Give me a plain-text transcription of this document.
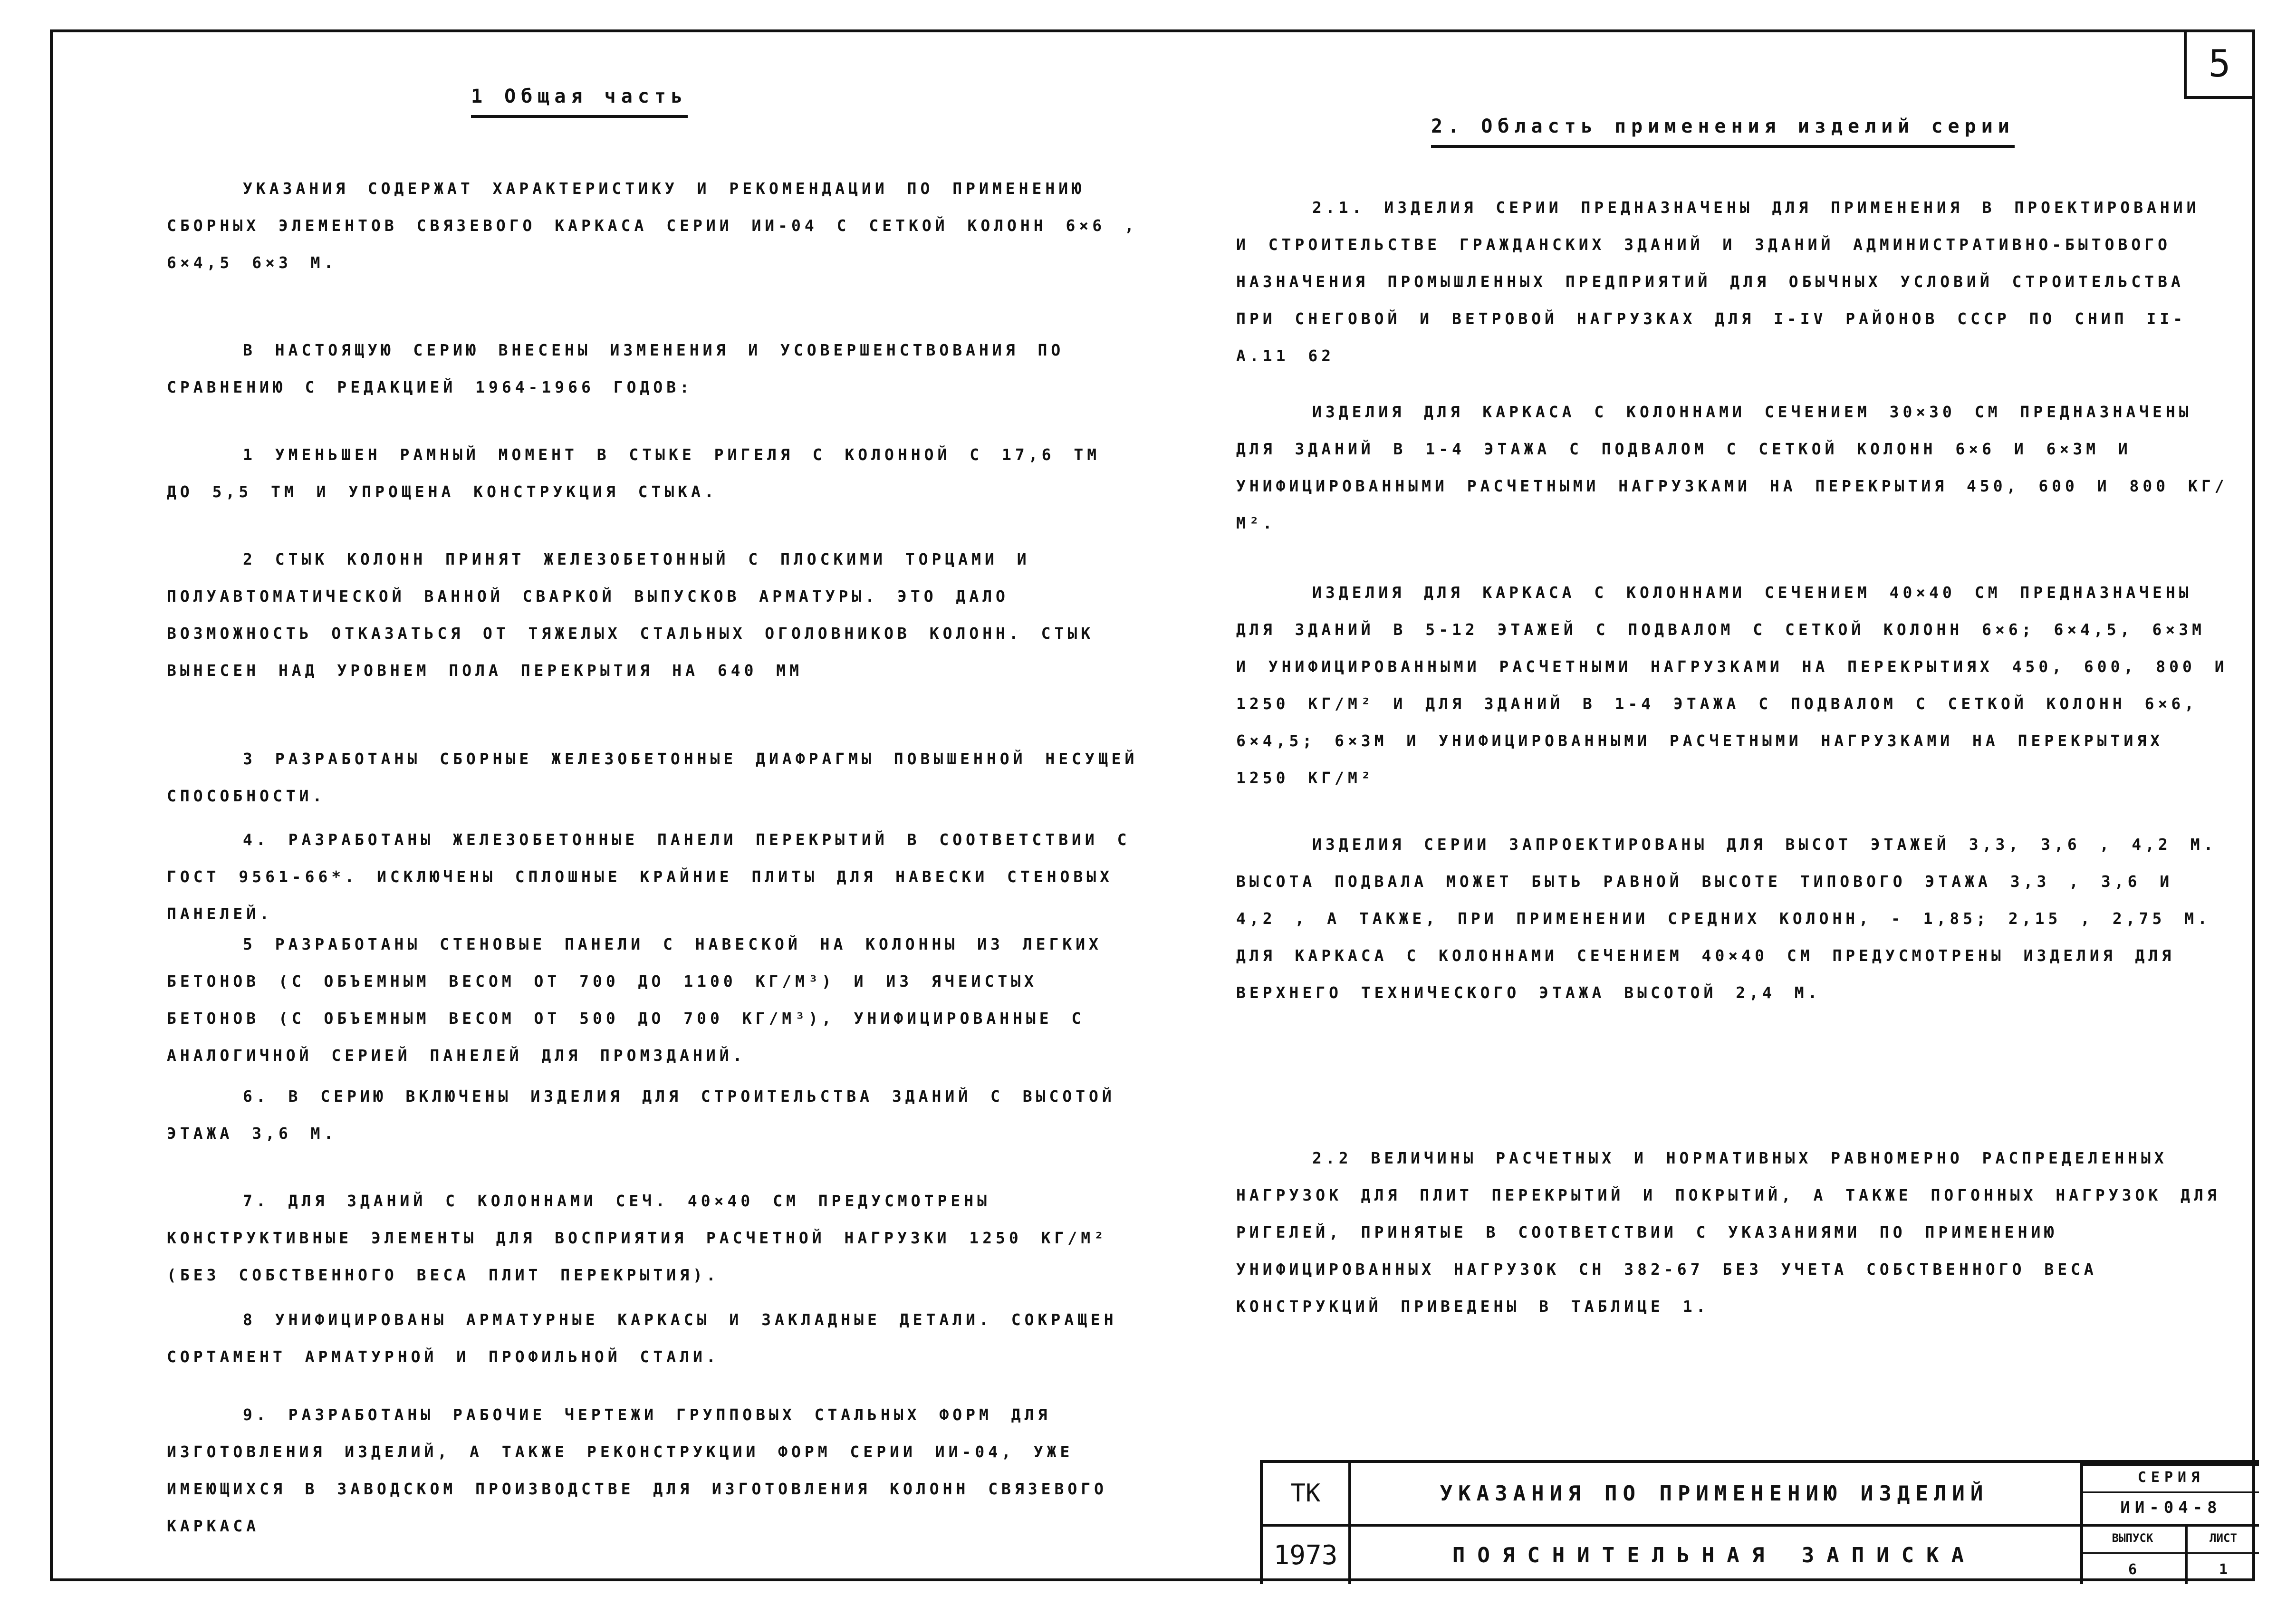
5
1 Общая часть
УКАЗАНИЯ СОДЕРЖАТ ХАРАКТЕРИСТИКУ И РЕКОМЕНДАЦИИ ПО ПРИМЕНЕНИЮ СБОРНЫХ ЭЛЕМЕНТОВ СВЯЗЕВОГО КАРКАСА СЕРИИ ИИ-04 С СЕТКОЙ КОЛОНН 6×6 , 6×4,5 6×3 М.
В НАСТОЯЩУЮ СЕРИЮ ВНЕСЕНЫ ИЗМЕНЕНИЯ И УСОВЕРШЕНСТВОВАНИЯ ПО СРАВНЕНИЮ С РЕДАКЦИЕЙ 1964-1966 ГОДОВ:
1 УМЕНЬШЕН РАМНЫЙ МОМЕНТ В СТЫКЕ РИГЕЛЯ С КОЛОННОЙ С 17,6 ТМ ДО 5,5 ТМ И УПРОЩЕНА КОНСТРУКЦИЯ СТЫКА.
2 СТЫК КОЛОНН ПРИНЯТ ЖЕЛЕЗОБЕТОННЫЙ С ПЛОСКИМИ ТОРЦАМИ И ПОЛУАВТОМАТИЧЕСКОЙ ВАННОЙ СВАРКОЙ ВЫПУСКОВ АРМАТУРЫ. ЭТО ДАЛО ВОЗМОЖНОСТЬ ОТКАЗАТЬСЯ ОТ ТЯЖЕЛЫХ СТАЛЬНЫХ ОГОЛОВНИКОВ КОЛОНН. СТЫК ВЫНЕСЕН НАД УРОВНЕМ ПОЛА ПЕРЕКРЫТИЯ НА 640 ММ
3 РАЗРАБОТАНЫ СБОРНЫЕ ЖЕЛЕЗОБЕТОННЫЕ ДИАФРАГМЫ ПОВЫШЕННОЙ НЕСУЩЕЙ СПОСОБНОСТИ.
4. РАЗРАБОТАНЫ ЖЕЛЕЗОБЕТОННЫЕ ПАНЕЛИ ПЕРЕКРЫТИЙ В СООТВЕТСТВИИ С ГОСТ 9561-66*. ИСКЛЮЧЕНЫ СПЛОШНЫЕ КРАЙНИЕ ПЛИТЫ ДЛЯ НАВЕСКИ СТЕНОВЫХ ПАНЕЛЕЙ.
5 РАЗРАБОТАНЫ СТЕНОВЫЕ ПАНЕЛИ С НАВЕСКОЙ НА КОЛОННЫ ИЗ ЛЕГКИХ БЕТОНОВ (С ОБЪЕМНЫМ ВЕСОМ ОТ 700 ДО 1100 КГ/М³) И ИЗ ЯЧЕИСТЫХ БЕТОНОВ (С ОБЪЕМНЫМ ВЕСОМ ОТ 500 ДО 700 КГ/М³), УНИФИЦИРОВАННЫЕ С АНАЛОГИЧНОЙ СЕРИЕЙ ПАНЕЛЕЙ ДЛЯ ПРОМЗДАНИЙ.
6. В СЕРИЮ ВКЛЮЧЕНЫ ИЗДЕЛИЯ ДЛЯ СТРОИТЕЛЬСТВА ЗДАНИЙ С ВЫСОТОЙ ЭТАЖА 3,6 М.
7. ДЛЯ ЗДАНИЙ С КОЛОННАМИ СЕЧ. 40×40 СМ ПРЕДУСМОТРЕНЫ КОНСТРУКТИВНЫЕ ЭЛЕМЕНТЫ ДЛЯ ВОСПРИЯТИЯ РАСЧЕТНОЙ НАГРУЗКИ 1250 КГ/М² (БЕЗ СОБСТВЕННОГО ВЕСА ПЛИТ ПЕРЕКРЫТИЯ).
8 УНИФИЦИРОВАНЫ АРМАТУРНЫЕ КАРКАСЫ И ЗАКЛАДНЫЕ ДЕТАЛИ. СОКРАЩЕН СОРТАМЕНТ АРМАТУРНОЙ И ПРОФИЛЬНОЙ СТАЛИ.
9. РАЗРАБОТАНЫ РАБОЧИЕ ЧЕРТЕЖИ ГРУППОВЫХ СТАЛЬНЫХ ФОРМ ДЛЯ ИЗГОТОВЛЕНИЯ ИЗДЕЛИЙ, А ТАКЖЕ РЕКОНСТРУКЦИИ ФОРМ СЕРИИ ИИ-04, УЖЕ ИМЕЮЩИХСЯ В ЗАВОДСКОМ ПРОИЗВОДСТВЕ ДЛЯ ИЗГОТОВЛЕНИЯ КОЛОНН СВЯЗЕВОГО КАРКАСА
2. Область применения изделий серии
2.1. ИЗДЕЛИЯ СЕРИИ ПРЕДНАЗНАЧЕНЫ ДЛЯ ПРИМЕНЕНИЯ В ПРОЕКТИРОВАНИИ И СТРОИТЕЛЬСТВЕ ГРАЖДАНСКИХ ЗДАНИЙ И ЗДАНИЙ АДМИНИСТРАТИВНО-БЫТОВОГО НАЗНАЧЕНИЯ ПРОМЫШЛЕННЫХ ПРЕДПРИЯТИЙ ДЛЯ ОБЫЧНЫХ УСЛОВИЙ СТРОИТЕЛЬСТВА ПРИ СНЕГОВОЙ И ВЕТРОВОЙ НАГРУЗКАХ ДЛЯ I-IV РАЙОНОВ СССР ПО СНИП II-А.11 62
ИЗДЕЛИЯ ДЛЯ КАРКАСА С КОЛОННАМИ СЕЧЕНИЕМ 30×30 СМ ПРЕДНАЗНАЧЕНЫ ДЛЯ ЗДАНИЙ В 1-4 ЭТАЖА С ПОДВАЛОМ С СЕТКОЙ КОЛОНН 6×6 И 6×3М И УНИФИЦИРОВАННЫМИ РАСЧЕТНЫМИ НАГРУЗКАМИ НА ПЕРЕКРЫТИЯ 450, 600 И 800 КГ/М².
ИЗДЕЛИЯ ДЛЯ КАРКАСА С КОЛОННАМИ СЕЧЕНИЕМ 40×40 СМ ПРЕДНАЗНАЧЕНЫ ДЛЯ ЗДАНИЙ В 5-12 ЭТАЖЕЙ С ПОДВАЛОМ С СЕТКОЙ КОЛОНН 6×6; 6×4,5, 6×3М И УНИФИЦИРОВАННЫМИ РАСЧЕТНЫМИ НАГРУЗКАМИ НА ПЕРЕКРЫТИЯХ 450, 600, 800 И 1250 КГ/М² И ДЛЯ ЗДАНИЙ В 1-4 ЭТАЖА С ПОДВАЛОМ С СЕТКОЙ КОЛОНН 6×6, 6×4,5; 6×3М И УНИФИЦИРОВАННЫМИ РАСЧЕТНЫМИ НАГРУЗКАМИ НА ПЕРЕКРЫТИЯХ 1250 КГ/М²
ИЗДЕЛИЯ СЕРИИ ЗАПРОЕКТИРОВАНЫ ДЛЯ ВЫСОТ ЭТАЖЕЙ 3,3, 3,6 , 4,2 М. ВЫСОТА ПОДВАЛА МОЖЕТ БЫТЬ РАВНОЙ ВЫСОТЕ ТИПОВОГО ЭТАЖА 3,3 , 3,6 И 4,2 , А ТАКЖЕ, ПРИ ПРИМЕНЕНИИ СРЕДНИХ КОЛОНН, - 1,85; 2,15 , 2,75 М. ДЛЯ КАРКАСА С КОЛОННАМИ СЕЧЕНИЕМ 40×40 СМ ПРЕДУСМОТРЕНЫ ИЗДЕЛИЯ ДЛЯ ВЕРХНЕГО ТЕХНИЧЕСКОГО ЭТАЖА ВЫСОТОЙ 2,4 М.
2.2 ВЕЛИЧИНЫ РАСЧЕТНЫХ И НОРМАТИВНЫХ РАВНОМЕРНО РАСПРЕДЕЛЕННЫХ НАГРУЗОК ДЛЯ ПЛИТ ПЕРЕКРЫТИЙ И ПОКРЫТИЙ, А ТАКЖЕ ПОГОННЫХ НАГРУЗОК ДЛЯ РИГЕЛЕЙ, ПРИНЯТЫЕ В СООТВЕТСТВИИ С УКАЗАНИЯМИ ПО ПРИМЕНЕНИЮ УНИФИЦИРОВАННЫХ НАГРУЗОК СН 382-67 БЕЗ УЧЕТА СОБСТВЕННОГО ВЕСА КОНСТРУКЦИЙ ПРИВЕДЕНЫ В ТАБЛИЦЕ 1.
ТК
1973
УКАЗАНИЯ ПО ПРИМЕНЕНИЮ ИЗДЕЛИЙ
ПОЯСНИТЕЛЬНАЯ ЗАПИСКА
СЕРИЯ
ИИ-04-8
ВЫПУСК
6
ЛИСТ
1
